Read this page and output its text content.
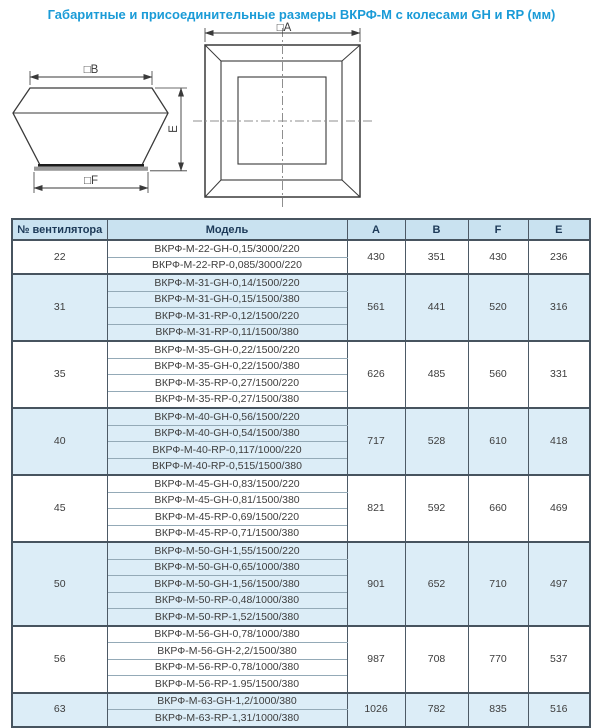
Габаритные и присоединительные размеры ВКРФ-М с колесами GH и RP (мм)
□B
□F
E
□A
№ вентилятора	Модель	A	B	F	E
22	ВКРФ-М-22-GH-0,15/3000/220	430	351	430	236
	ВКРФ-М-22-RP-0,085/3000/220				
31	ВКРФ-М-31-GH-0,14/1500/220	561	441	520	316
	ВКРФ-М-31-GH-0,15/1500/380				
	ВКРФ-М-31-RP-0,12/1500/220				
	ВКРФ-М-31-RP-0,11/1500/380				
35	ВКРФ-М-35-GH-0,22/1500/220	626	485	560	331
	ВКРФ-М-35-GH-0,22/1500/380				
	ВКРФ-М-35-RP-0,27/1500/220				
	ВКРФ-М-35-RP-0,27/1500/380				
40	ВКРФ-М-40-GH-0,56/1500/220	717	528	610	418
	ВКРФ-М-40-GH-0,54/1500/380				
	ВКРФ-М-40-RP-0,117/1000/220				
	ВКРФ-М-40-RP-0,515/1500/380				
45	ВКРФ-М-45-GH-0,83/1500/220	821	592	660	469
	ВКРФ-М-45-GH-0,81/1500/380				
	ВКРФ-М-45-RP-0,69/1500/220				
	ВКРФ-М-45-RP-0,71/1500/380				
50	ВКРФ-М-50-GH-1,55/1500/220	901	652	710	497
	ВКРФ-М-50-GH-0,65/1000/380				
	ВКРФ-М-50-GH-1,56/1500/380				
	ВКРФ-М-50-RP-0,48/1000/380				
	ВКРФ-М-50-RP-1,52/1500/380				
56	ВКРФ-М-56-GH-0,78/1000/380	987	708	770	537
	ВКРФ-М-56-GH-2,2/1500/380				
	ВКРФ-М-56-RP-0,78/1000/380				
	ВКРФ-М-56-RP-1.95/1500/380				
63	ВКРФ-М-63-GH-1,2/1000/380	1026	782	835	516
	ВКРФ-М-63-RP-1,31/1000/380				
